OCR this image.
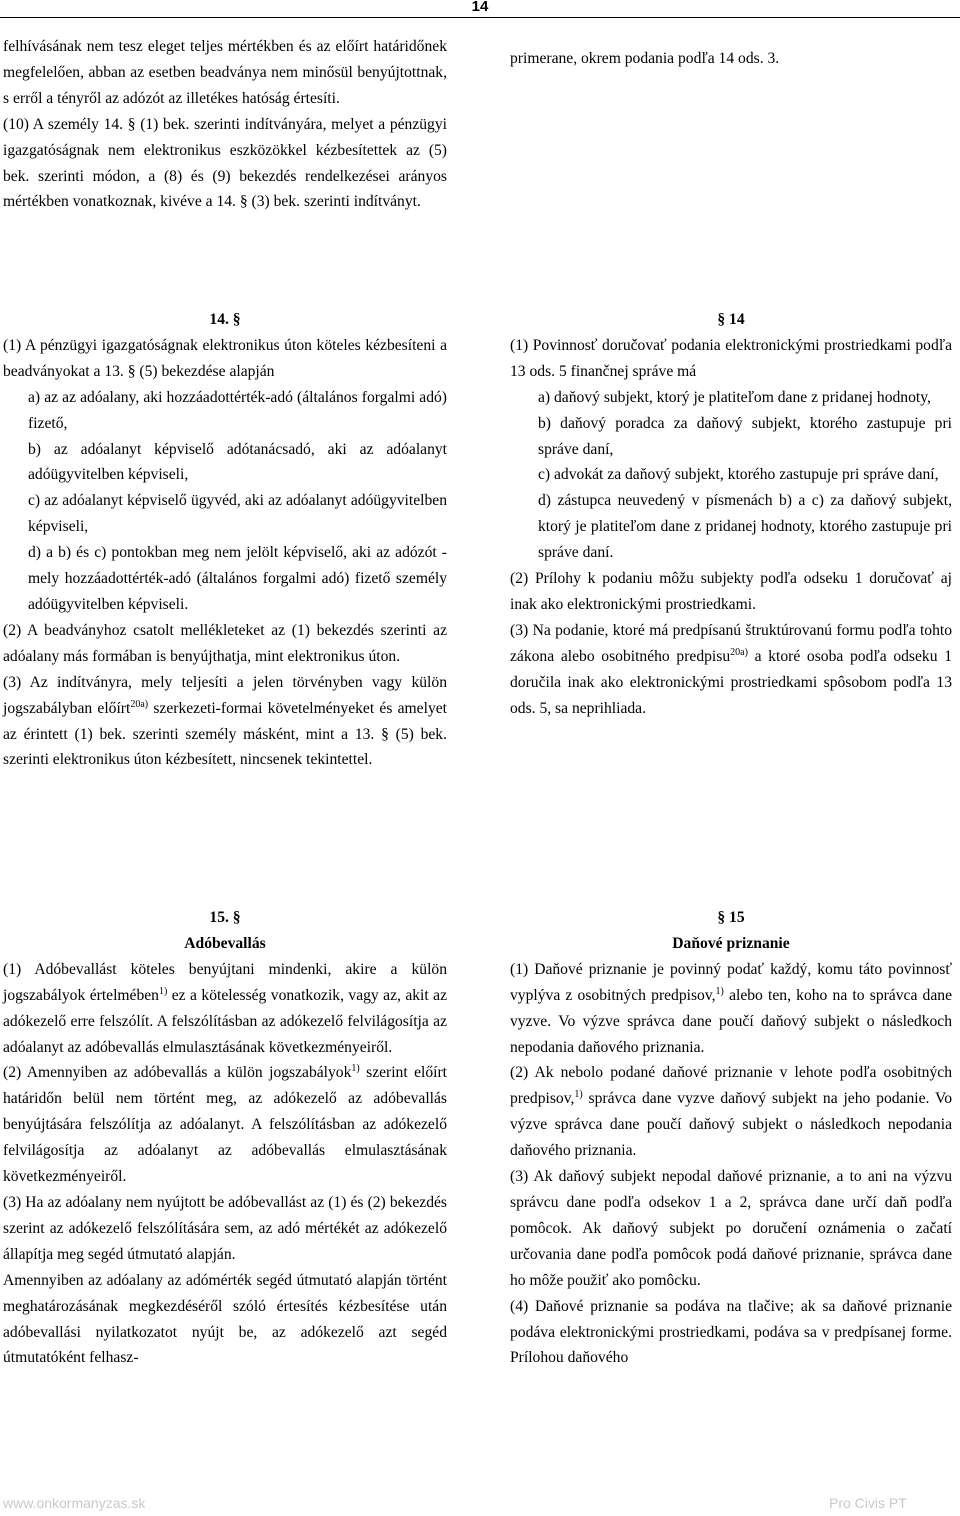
14

felhívásának nem tesz eleget teljes mértékben és az előírt határidőnek megfelelően, abban az esetben beadványa nem minősül benyújtottnak, s erről a tényről az adózót az illetékes hatóság értesíti.

(10) A személy 14. § (1) bek. szerinti indítványára, melyet a pénzügyi igazgatóságnak nem elektronikus eszközökkel kézbesítettek az (5) bek. szerinti módon, a (8) és (9) bekezdés rendelkezései arányos mértékben vonatkoznak, kivéve a 14. § (3) bek. szerinti indítványt.

primerane, okrem podania podľa 14 ods. 3.

14. §

(1) A pénzügyi igazgatóságnak elektronikus úton köteles kézbesíteni a beadványokat a 13. § (5) bekezdése alapján

a) az az adóalany, aki hozzáadottérték-adó (általános forgalmi adó) fizető,

b) az adóalanyt képviselő adótanácsadó, aki az adóalanyt adóügyvitelben képviseli,

c) az adóalanyt képviselő ügyvéd, aki az adóalanyt adóügyvitelben képviseli,

d) a b) és c) pontokban meg nem jelölt képviselő, aki az adózót - mely hozzáadottérték-adó (általános forgalmi adó) fizető személy adóügyvitelben képviseli.

(2) A beadványhoz csatolt mellékleteket az (1) bekezdés szerinti az adóalany más formában is benyújthatja, mint elektronikus úton.

(3) Az indítványra, mely teljesíti a jelen törvényben vagy külön jogszabályban előírt$^{20a)}$ szerkezeti-formai követelményeket és amelyet az érintett (1) bek. szerinti személy másként, mint a 13. § (5) bek. szerinti elektronikus úton kézbesített, nincsenek tekintettel.

§ 14

(1) Povinnosť doručovať podania elektronickými prostriedkami podľa 13 ods. 5 finančnej správe má

a) daňový subjekt, ktorý je platiteľom dane z pridanej hodnoty,

b) daňový poradca za daňový subjekt, ktorého zastupuje pri správe daní,

c) advokát za daňový subjekt, ktorého zastupuje pri správe daní,

d) zástupca neuvedený v písmenách b) a c) za daňový subjekt, ktorý je platiteľom dane z pridanej hodnoty, ktorého zastupuje pri správe daní.

(2) Prílohy k podaniu môžu subjekty podľa odseku 1 doručovať aj inak ako elektronickými prostriedkami.

(3) Na podanie, ktoré má predpísanú štruktúrovanú formu podľa tohto zákona alebo osobitného predpisu$^{20a)}$ a ktoré osoba podľa odseku 1 doručila inak ako elektronickými prostriedkami spôsobom podľa 13 ods. 5, sa neprihliada.

15. §

Adóbevallás

(1) Adóbevallást köteles benyújtani mindenki, akire a külön jogszabályok értelmében$^{1)}$ ez a kötelesség vonatkozik, vagy az, akit az adókezelő erre felszólít. A felszólításban az adókezelő felvilágosítja az adóalanyt az adóbevallás elmulasztásának következményeiről.

(2) Amennyiben az adóbevallás a külön jogszabályok$^{1)}$ szerint előírt határidőn belül nem történt meg, az adókezelő az adóbevallás benyújtására felszólítja az adóalanyt. A felszólításban az adókezelő felvilágosítja az adóalanyt az adóbevallás elmulasztásának következményeiről.

(3) Ha az adóalany nem nyújtott be adóbevallást az (1) és (2) bekezdés szerint az adókezelő felszólítására sem, az adó mértékét az adókezelő állapítja meg segéd útmutató alapján.

Amennyiben az adóalany az adómérték segéd útmutató alapján történt meghatározásának megkezdéséről szóló értesítés kézbesítése után adóbevallási nyilatkozatot nyújt be, az adókezelő azt segéd útmutatóként felhasz-

§ 15

Daňové priznanie

(1) Daňové priznanie je povinný podať každý, komu táto povinnosť vyplýva z osobitných predpisov,$^{1)}$ alebo ten, koho na to správca dane vyzve. Vo výzve správca dane poučí daňový subjekt o následkoch nepodania daňového priznania.

(2) Ak nebolo podané daňové priznanie v lehote podľa osobitných predpisov,$^{1)}$ správca dane vyzve daňový subjekt na jeho podanie. Vo výzve správca dane poučí daňový subjekt o následkoch nepodania daňového priznania.

(3) Ak daňový subjekt nepodal daňové priznanie, a to ani na výzvu správcu dane podľa odsekov 1 a 2, správca dane určí daň podľa pomôcok. Ak daňový subjekt po doručení oznámenia o začatí určovania dane podľa pomôcok podá daňové priznanie, správca dane ho môže použiť ako pomôcku.

(4) Daňové priznanie sa podáva na tlačive; ak sa daňové priznanie podáva elektronickými prostriedkami, podáva sa v predpísanej forme. Prílohou daňového

www.onkormanyzas.sk	Pro Civis PT
